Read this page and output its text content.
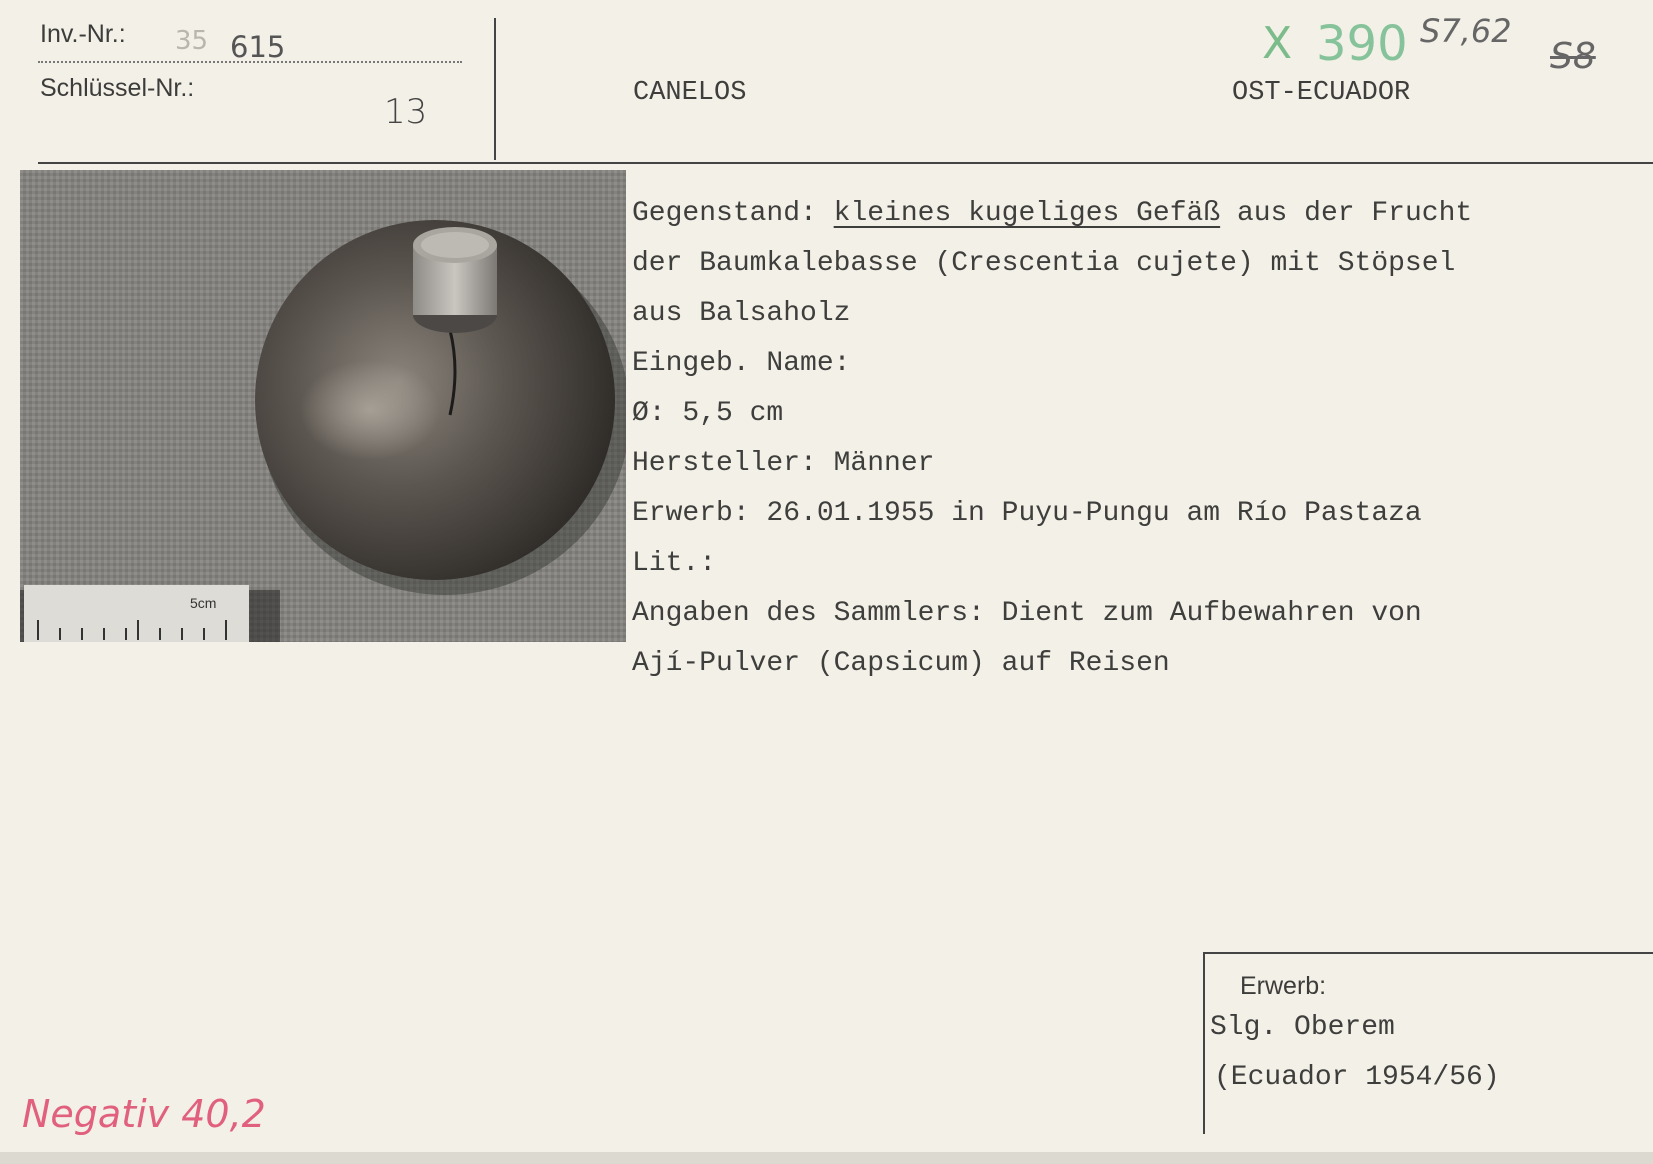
Inv.-Nr.: 35 615
Schlüssel-Nr.:
13	CANELOS	OST-ECUADOR
X 390 S7,62
S8
5cm
Gegenstand: kleines kugeliges Gefäß aus der Frucht
der Baumkalebasse (Crescentia cujete) mit Stöpsel
aus Balsaholz
Eingeb. Name:
Ø: 5,5 cm
Hersteller: Männer
Erwerb: 26.01.1955 in Puyu-Pungu am Río Pastaza
Lit.:
Angaben des Sammlers: Dient zum Aufbewahren von
Ají-Pulver (Capsicum) auf Reisen
Erwerb:
Slg. Oberem
(Ecuador 1954/56)
Negativ 40,2
